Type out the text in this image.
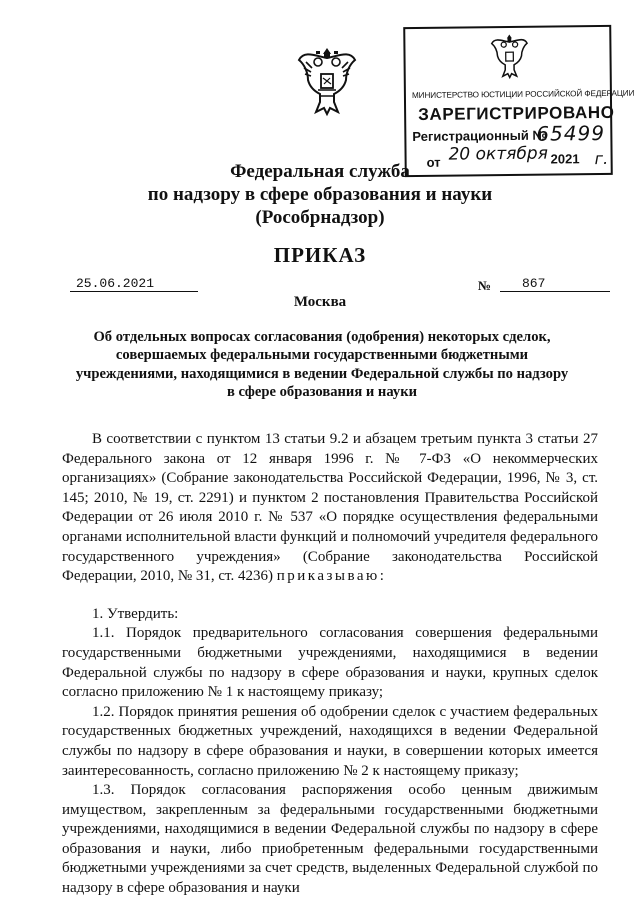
МИНИСТЕРСТВО ЮСТИЦИИ РОССИЙСКОЙ ФЕДЕРАЦИИ
ЗАРЕГИСТРИРОВАНО
Регистрационный №
65499
от 20 октября 2021 г.
Федеральная служба
по надзору в сфере образования и науки
(Рособрнадзор)
ПРИКАЗ
25.06.2021	№	867
Москва
Об отдельных вопросах согласования (одобрения) некоторых сделок, совершаемых федеральными государственными бюджетными учреждениями, находящимися в ведении Федеральной службы по надзору в сфере образования и науки

В соответствии с пунктом 13 статьи 9.2 и абзацем третьим пункта 3 статьи 27 Федерального закона от 12 января 1996 г. № 7-ФЗ «О некоммерческих организациях» (Собрание законодательства Российской Федерации, 1996, № 3, ст. 145; 2010, № 19, ст. 2291) и пунктом 2 постановления Правительства Российской Федерации от 26 июля 2010 г. № 537 «О порядке осуществления федеральными органами исполнительной власти функций и полномочий учредителя федерального государственного учреждения» (Собрание законодательства Российской Федерации, 2010, № 31, ст. 4236) приказываю:

1. Утвердить:

1.1. Порядок предварительного согласования совершения федеральными государственными бюджетными учреждениями, находящимися в ведении Федеральной службы по надзору в сфере образования и науки, крупных сделок согласно приложению № 1 к настоящему приказу;

1.2. Порядок принятия решения об одобрении сделок с участием федеральных государственных бюджетных учреждений, находящихся в ведении Федеральной службы по надзору в сфере образования и науки, в совершении которых имеется заинтересованность, согласно приложению № 2 к настоящему приказу;

1.3. Порядок согласования распоряжения особо ценным движимым имуществом, закрепленным за федеральными государственными бюджетными учреждениями, находящимися в ведении Федеральной службы по надзору в сфере образования и науки, либо приобретенным федеральными государственными бюджетными учреждениями за счет средств, выделенных Федеральной службой по надзору в сфере образования и науки
